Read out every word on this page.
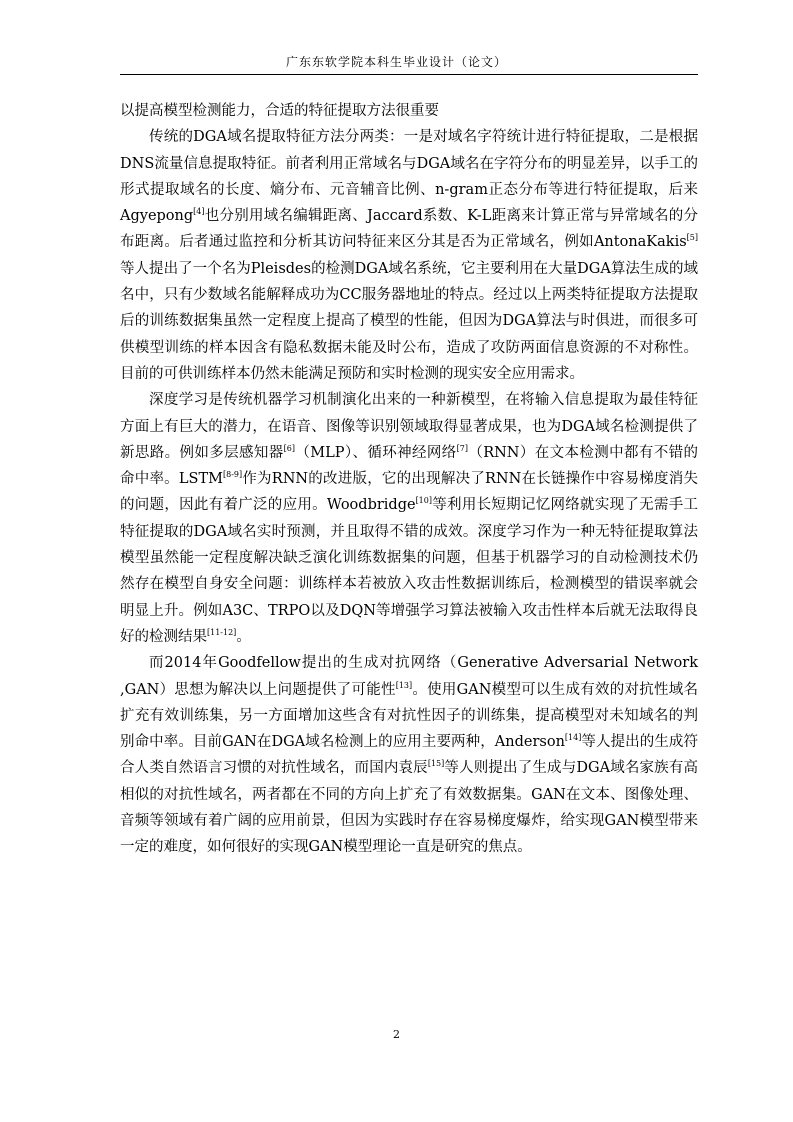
广东东软学院本科生毕业设计（论文）

以提高模型检测能力，合适的特征提取方法很重要

传统的DGA域名提取特征方法分两类：一是对域名字符统计进行特征提取，二是根据DNS流量信息提取特征。前者利用正常域名与DGA域名在字符分布的明显差异，以手工的形式提取域名的长度、熵分布、元音辅音比例、n-gram正态分布等进行特征提取，后来Agyepong[4]也分别用域名编辑距离、Jaccard系数、K-L距离来计算正常与异常域名的分布距离。后者通过监控和分析其访问特征来区分其是否为正常域名，例如AntonaKakis[5]等人提出了一个名为Pleisdes的检测DGA域名系统，它主要利用在大量DGA算法生成的域名中，只有少数域名能解释成功为CC服务器地址的特点。经过以上两类特征提取方法提取后的训练数据集虽然一定程度上提高了模型的性能，但因为DGA算法与时俱进，而很多可供模型训练的样本因含有隐私数据未能及时公布，造成了攻防两面信息资源的不对称性。目前的可供训练样本仍然未能满足预防和实时检测的现实安全应用需求。

深度学习是传统机器学习机制演化出来的一种新模型，在将输入信息提取为最佳特征方面上有巨大的潜力，在语音、图像等识别领域取得显著成果，也为DGA域名检测提供了新思路。例如多层感知器[6]（MLP）、循环神经网络[7]（RNN）在文本检测中都有不错的命中率。LSTM[8-9]作为RNN的改进版，它的出现解决了RNN在长链操作中容易梯度消失的问题，因此有着广泛的应用。Woodbridge[10]等利用长短期记忆网络就实现了无需手工特征提取的DGA域名实时预测，并且取得不错的成效。深度学习作为一种无特征提取算法模型虽然能一定程度解决缺乏演化训练数据集的问题，但基于机器学习的自动检测技术仍然存在模型自身安全问题：训练样本若被放入攻击性数据训练后，检测模型的错误率就会明显上升。例如A3C、TRPO以及DQN等增强学习算法被输入攻击性样本后就无法取得良好的检测结果[11-12]。

而2014年Goodfellow提出的生成对抗网络（Generative Adversarial Network ,GAN）思想为解决以上问题提供了可能性[13]。使用GAN模型可以生成有效的对抗性域名扩充有效训练集，另一方面增加这些含有对抗性因子的训练集，提高模型对未知域名的判别命中率。目前GAN在DGA域名检测上的应用主要两种，Anderson[14]等人提出的生成符合人类自然语言习惯的对抗性域名，而国内袁辰[15]等人则提出了生成与DGA域名家族有高相似的对抗性域名，两者都在不同的方向上扩充了有效数据集。GAN在文本、图像处理、音频等领域有着广阔的应用前景，但因为实践时存在容易梯度爆炸，给实现GAN模型带来一定的难度，如何很好的实现GAN模型理论一直是研究的焦点。

2
